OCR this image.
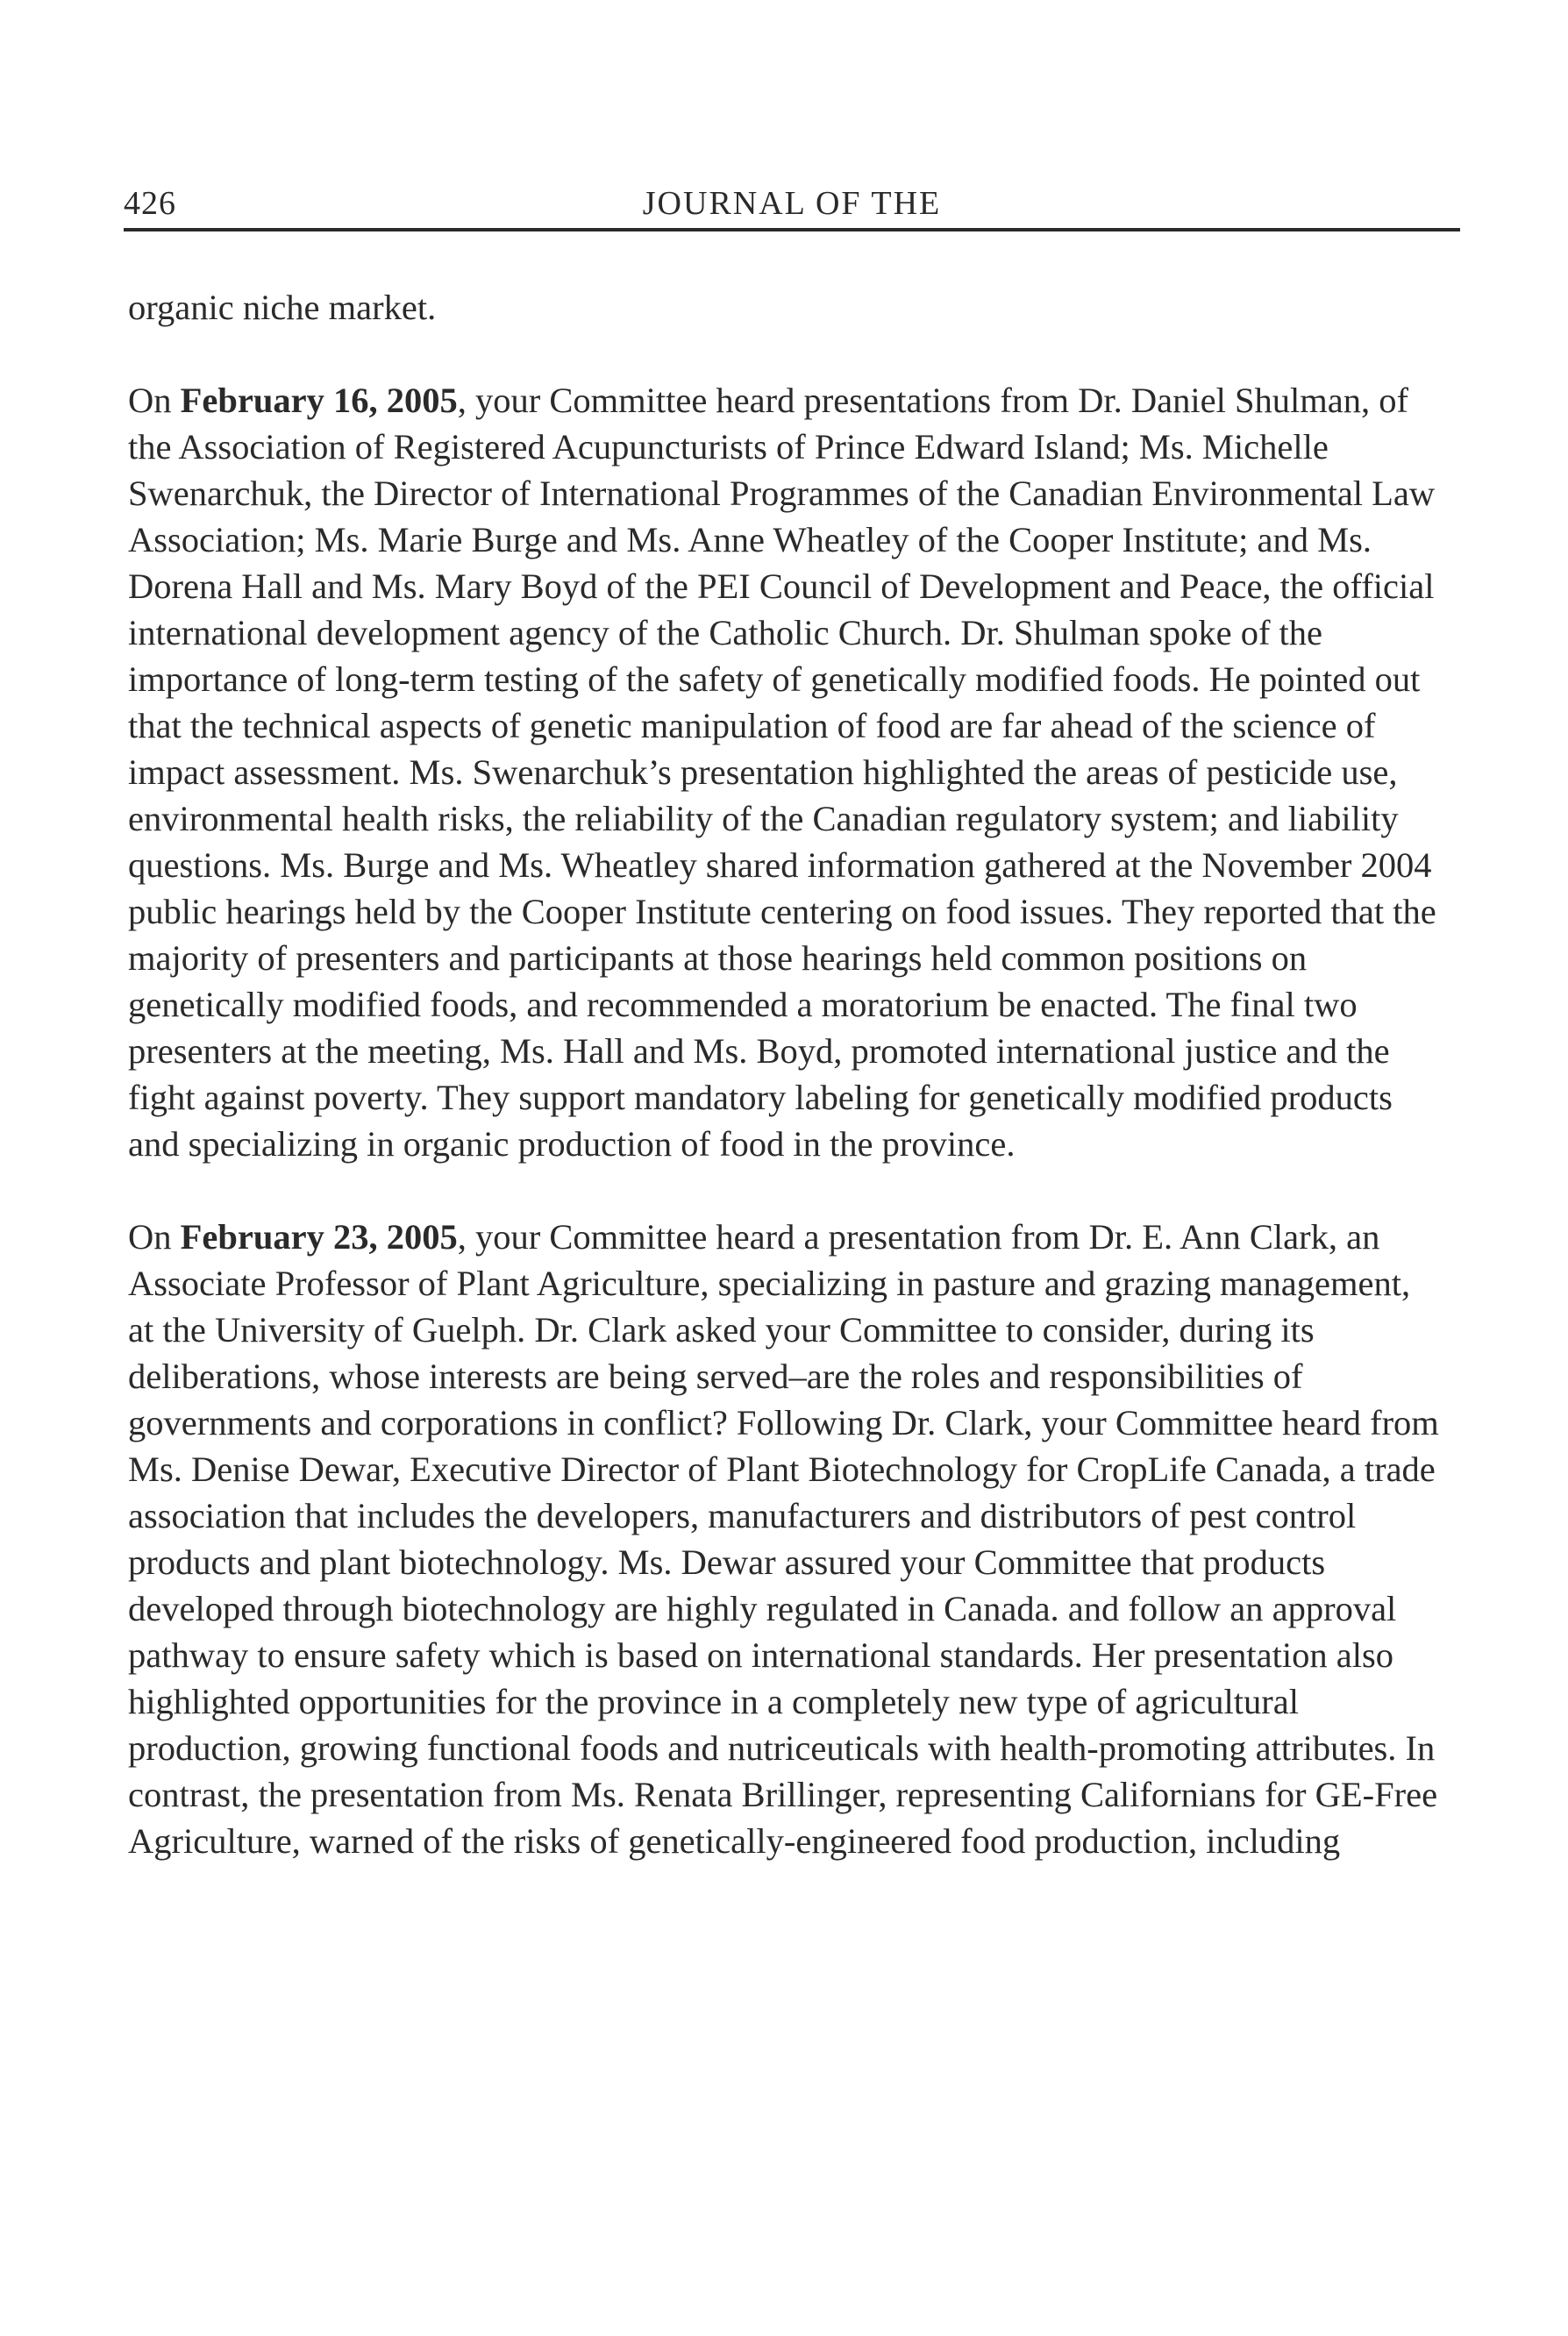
426	JOURNAL OF THE

organic niche market.

On February 16, 2005, your Committee heard presentations from Dr. Daniel Shulman, of the Association of Registered Acupuncturists of Prince Edward Island; Ms. Michelle Swenarchuk, the Director of International Programmes of the Canadian Environmental Law Association; Ms. Marie Burge and Ms. Anne Wheatley of the Cooper Institute; and Ms. Dorena Hall and Ms. Mary Boyd of the PEI Council of Development and Peace, the official international development agency of the Catholic Church. Dr. Shulman spoke of the importance of long-term testing of the safety of genetically modified foods. He pointed out that the technical aspects of genetic manipulation of food are far ahead of the science of impact assessment. Ms. Swenarchuk’s presentation highlighted the areas of pesticide use, environmental health risks, the reliability of the Canadian regulatory system; and liability questions. Ms. Burge and Ms. Wheatley shared information gathered at the November 2004 public hearings held by the Cooper Institute centering on food issues. They reported that the majority of presenters and participants at those hearings held common positions on genetically modified foods, and recommended a moratorium be enacted. The final two presenters at the meeting, Ms. Hall and Ms. Boyd, promoted international justice and the fight against poverty. They support mandatory labeling for genetically modified products and specializing in organic production of food in the province.

On February 23, 2005, your Committee heard a presentation from Dr. E. Ann Clark, an Associate Professor of Plant Agriculture, specializing in pasture and grazing management, at the University of Guelph. Dr. Clark asked your Committee to consider, during its deliberations, whose interests are being served–are the roles and responsibilities of governments and corporations in conflict? Following Dr. Clark, your Committee heard from Ms. Denise Dewar, Executive Director of Plant Biotechnology for CropLife Canada, a trade association that includes the developers, manufacturers and distributors of pest control products and plant biotechnology. Ms. Dewar assured your Committee that products developed through biotechnology are highly regulated in Canada. and follow an approval pathway to ensure safety which is based on international standards. Her presentation also highlighted opportunities for the province in a completely new type of agricultural production, growing functional foods and nutriceuticals with health-promoting attributes. In contrast, the presentation from Ms. Renata Brillinger, representing Californians for GE-Free Agriculture, warned of the risks of genetically-engineered food production, including
